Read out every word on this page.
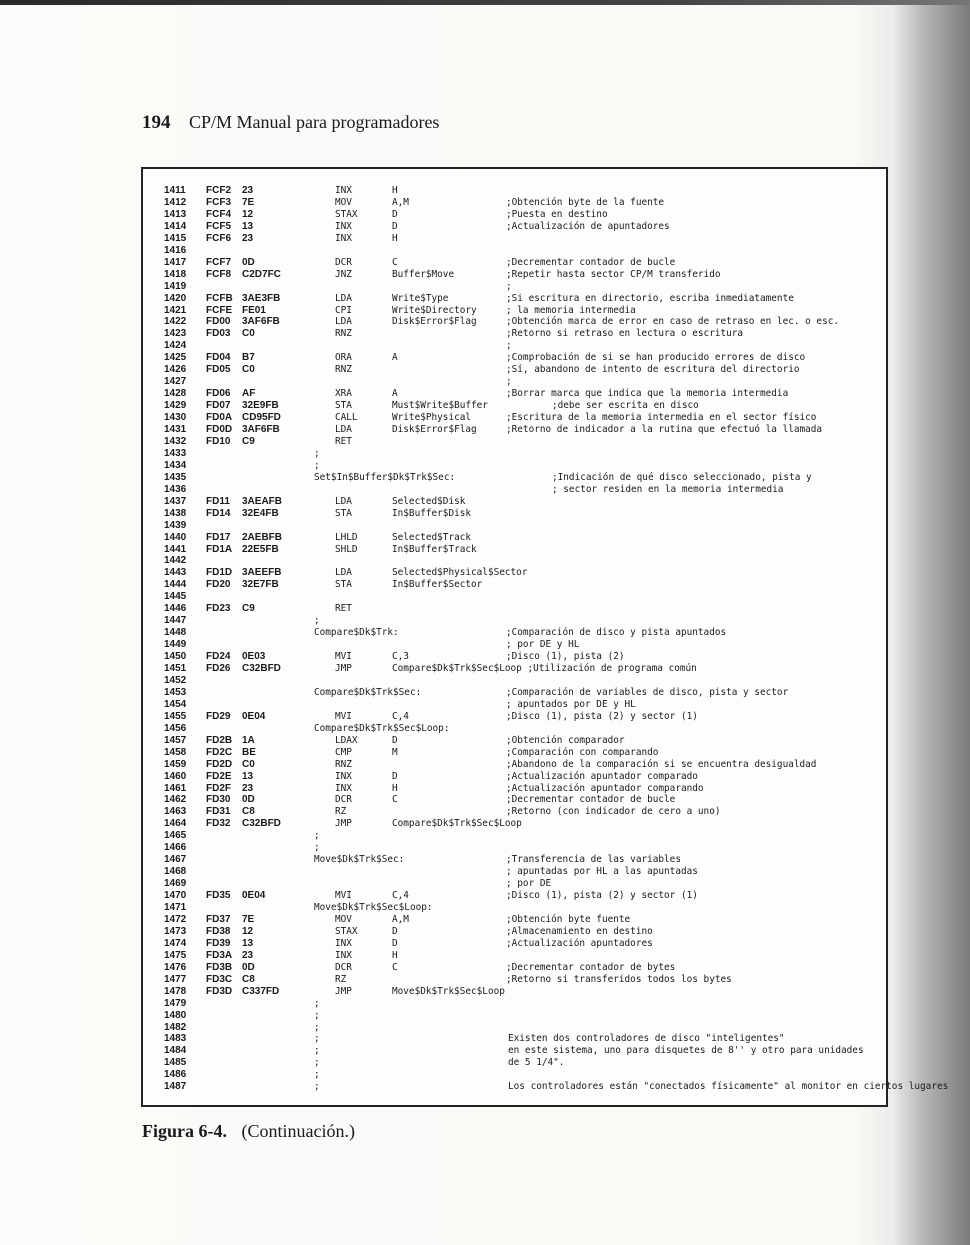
194 CP/M Manual para programadores
1411 FCF2 23	INX	H
1412 FCF3 7E	MOV	A,M	;Obtención byte de la fuente
1413 FCF4 12	STAX	D	;Puesta en destino
1414 FCF5 13	INX	D	;Actualización de apuntadores
1415 FCF6 23	INX	H
1416
1417 FCF7 0D	DCR	C	;Decrementar contador de bucle
1418 FCF8 C2D7FC	JNZ	Buffer$Move	;Repetir hasta sector CP/M transferido
1419	;
1420 FCFB 3AE3FB	LDA	Write$Type	;Si escritura en directorio, escriba inmediatamente
1421 FCFE FE01	CPI	Write$Directory	; la memoria intermedia
1422 FD00 3AF6FB	LDA	Disk$Error$Flag	;Obtención marca de error en caso de retraso en lec. o esc.
1423 FD03 C0	RNZ	;Retorno si retraso en lectura o escritura
1424	;
1425 FD04 B7	ORA	A	;Comprobación de si se han producido errores de disco
1426 FD05 C0	RNZ	;Sí, abandono de intento de escritura del directorio
1427	;
1428 FD06 AF	XRA	A	;Borrar marca que indica que la memoria intermedia
1429 FD07 32E9FB	STA	Must$Write$Buffer	;debe ser escrita en disco
1430 FD0A CD95FD	CALL	Write$Physical	;Escritura de la memoria intermedia en el sector físico
1431 FD0D 3AF6FB	LDA	Disk$Error$Flag	;Retorno de indicador a la rutina que efectuó la llamada
1432 FD10 C9	RET
1433	;
1434	;
1435	Set$In$Buffer$Dk$Trk$Sec:	;Indicación de qué disco seleccionado, pista y
1436	; sector residen en la memoria intermedia
1437 FD11 3AEAFB	LDA	Selected$Disk
1438 FD14 32E4FB	STA	In$Buffer$Disk
1439
1440 FD17 2AEBFB	LHLD	Selected$Track
1441 FD1A 22E5FB	SHLD	In$Buffer$Track
1442
1443 FD1D 3AEEFB	LDA	Selected$Physical$Sector
1444 FD20 32E7FB	STA	In$Buffer$Sector
1445
1446 FD23 C9	RET
1447	;
1448	Compare$Dk$Trk:	;Comparación de disco y pista apuntados
1449	; por DE y HL
1450 FD24 0E03	MVI	C,3	;Disco (1), pista (2)
1451 FD26 C32BFD	JMP	Compare$Dk$Trk$Sec$Loop ;Utilización de programa común
1452
1453	Compare$Dk$Trk$Sec:	;Comparación de variables de disco, pista y sector
1454	; apuntados por DE y HL
1455 FD29 0E04	MVI	C,4	;Disco (1), pista (2) y sector (1)
1456	Compare$Dk$Trk$Sec$Loop:
1457 FD2B 1A	LDAX	D	;Obtención comparador
1458 FD2C BE	CMP	M	;Comparación con comparando
1459 FD2D C0	RNZ	;Abandono de la comparación si se encuentra desigualdad
1460 FD2E 13	INX	D	;Actualización apuntador comparado
1461 FD2F 23	INX	H	;Actualización apuntador comparando
1462 FD30 0D	DCR	C	;Decrementar contador de bucle
1463 FD31 C8	RZ	;Retorno (con indicador de cero a uno)
1464 FD32 C32BFD	JMP	Compare$Dk$Trk$Sec$Loop
1465	;
1466	;
1467	Move$Dk$Trk$Sec:	;Transferencia de las variables
1468	; apuntadas por HL a las apuntadas
1469	; por DE
1470 FD35 0E04	MVI	C,4	;Disco (1), pista (2) y sector (1)
1471	Move$Dk$Trk$Sec$Loop:
1472 FD37 7E	MOV	A,M	;Obtención byte fuente
1473 FD38 12	STAX	D	;Almacenamiento en destino
1474 FD39 13	INX	D	;Actualización apuntadores
1475 FD3A 23	INX	H
1476 FD3B 0D	DCR	C	;Decrementar contador de bytes
1477 FD3C C8	RZ	;Retorno si transferidos todos los bytes
1478 FD3D C337FD	JMP	Move$Dk$Trk$Sec$Loop
1479	;
1480	;
1482	;
1483	;	Existen dos controladores de disco "inteligentes"
1484	;	en este sistema, uno para disquetes de 8'' y otro para unidades
1485	;	de 5 1/4".
1486	;
1487	;	Los controladores están "conectados físicamente" al monitor en ciertos lugares
Figura 6-4. (Continuación.)
